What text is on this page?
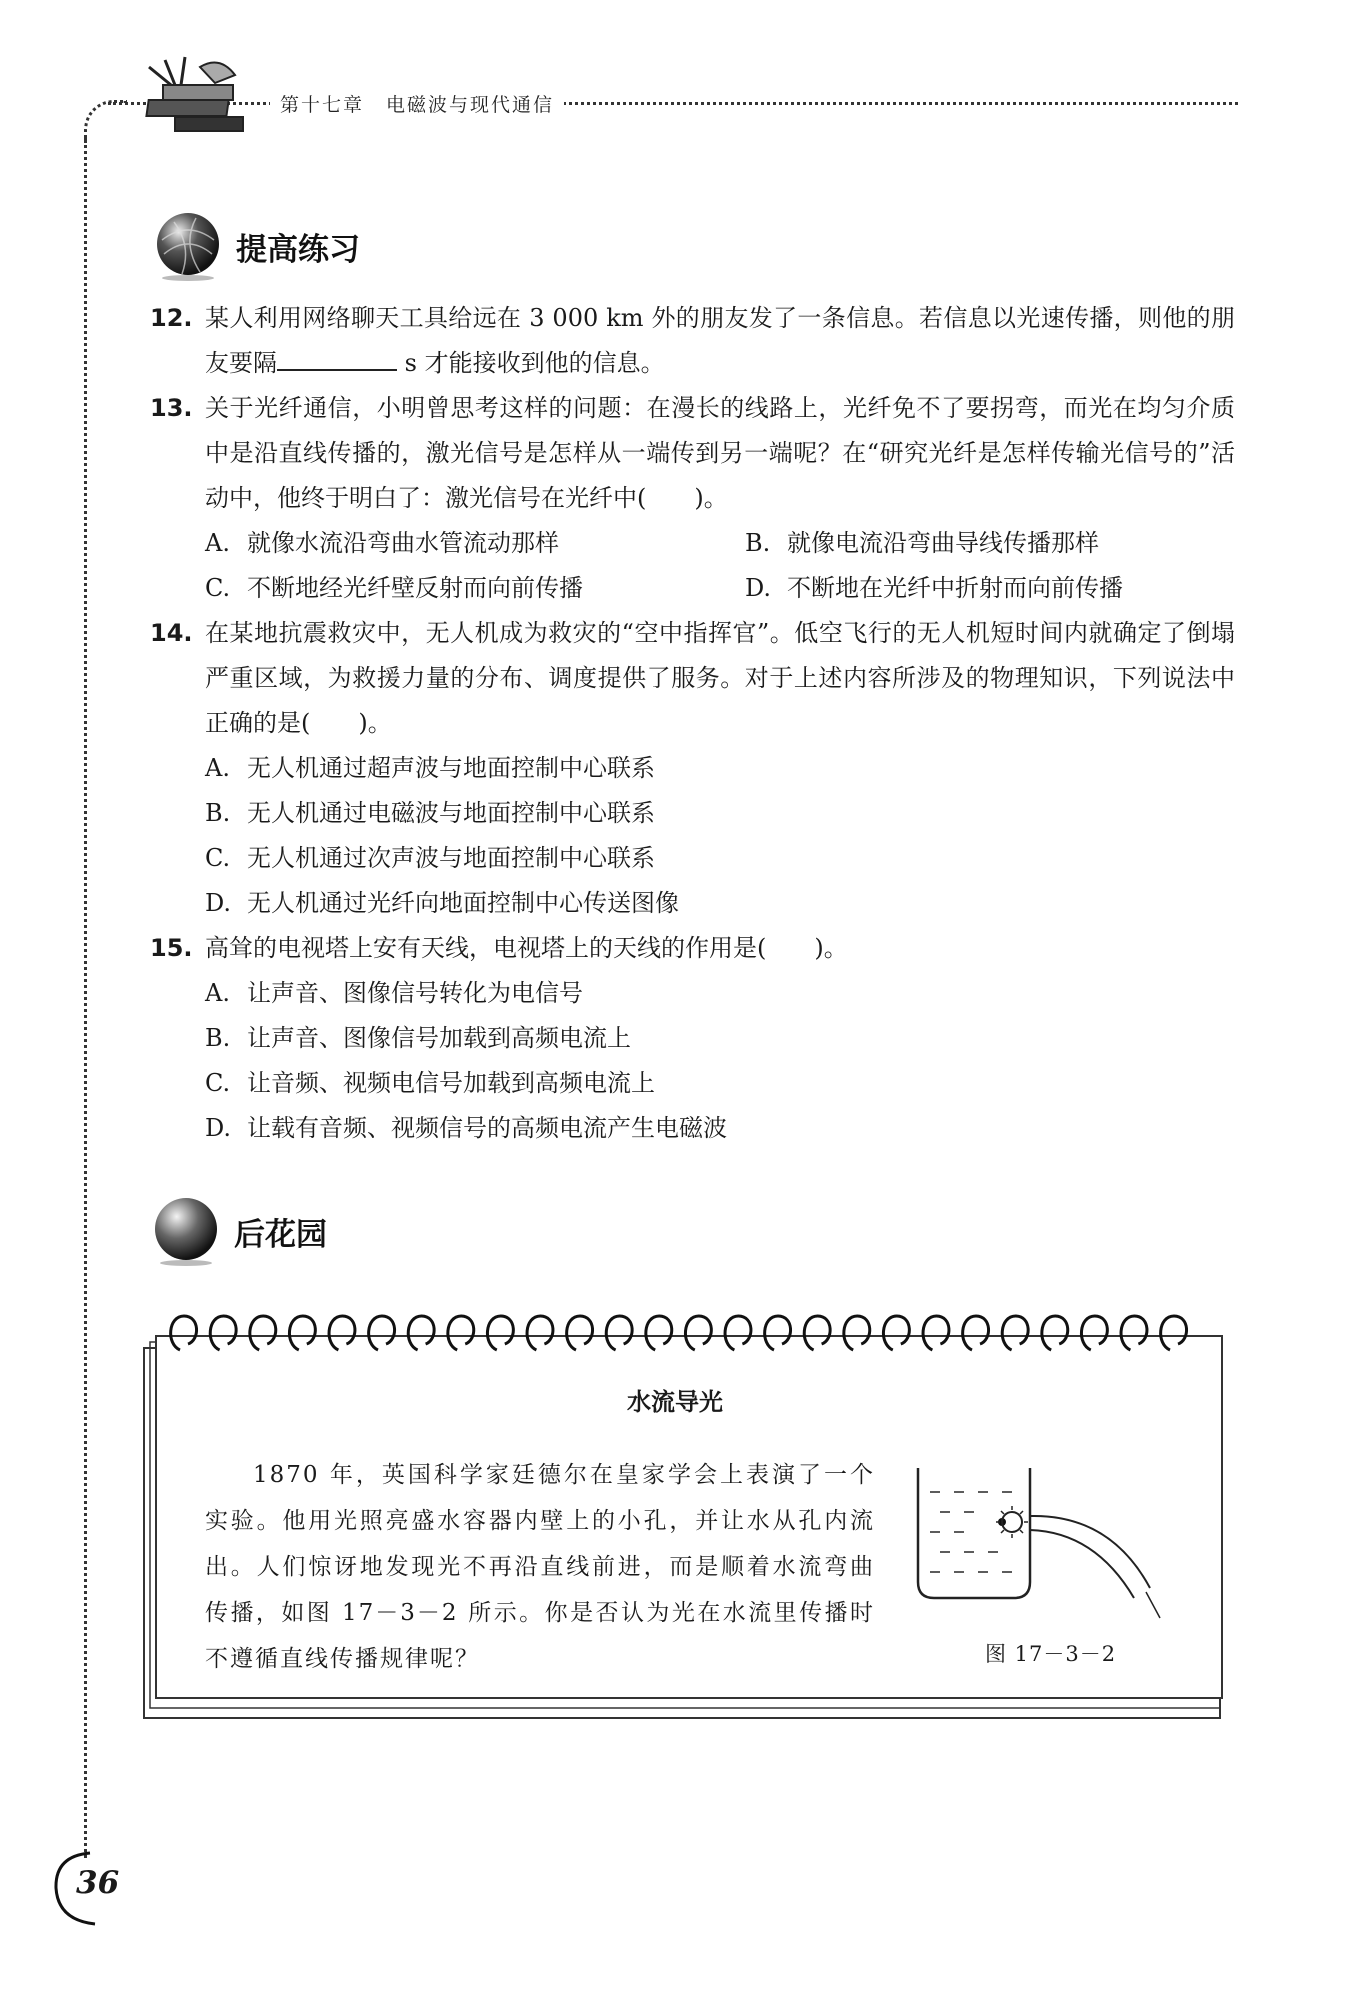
第十七章 电磁波与现代通信
提高练习
12. 某人利用网络聊天工具给远在 3 000 km 外的朋友发了一条信息。若信息以光速传播，则他的朋友要隔	s 才能接收到他的信息。
13. 关于光纤通信，小明曾思考这样的问题：在漫长的线路上，光纤免不了要拐弯，而光在均匀介质中是沿直线传播的，激光信号是怎样从一端传到另一端呢？在“研究光纤是怎样传输光信号的”活动中，他终于明白了：激光信号在光纤中(　　)。
A. 就像水流沿弯曲水管流动那样	B. 就像电流沿弯曲导线传播那样
C. 不断地经光纤壁反射而向前传播	D. 不断地在光纤中折射而向前传播
14. 在某地抗震救灾中，无人机成为救灾的“空中指挥官”。低空飞行的无人机短时间内就确定了倒塌严重区域，为救援力量的分布、调度提供了服务。对于上述内容所涉及的物理知识，下列说法中正确的是(　　)。
A. 无人机通过超声波与地面控制中心联系
B. 无人机通过电磁波与地面控制中心联系
C. 无人机通过次声波与地面控制中心联系
D. 无人机通过光纤向地面控制中心传送图像
15. 高耸的电视塔上安有天线，电视塔上的天线的作用是(　　)。
A. 让声音、图像信号转化为电信号
B. 让声音、图像信号加载到高频电流上
C. 让音频、视频电信号加载到高频电流上
D. 让载有音频、视频信号的高频电流产生电磁波
后花园
水流导光
1870 年，英国科学家廷德尔在皇家学会上表演了一个实验。他用光照亮盛水容器内壁上的小孔，并让水从孔内流出。人们惊讶地发现光不再沿直线前进，而是顺着水流弯曲传播，如图 17－3－2 所示。你是否认为光在水流里传播时不遵循直线传播规律呢？	图 17－3－2
36
